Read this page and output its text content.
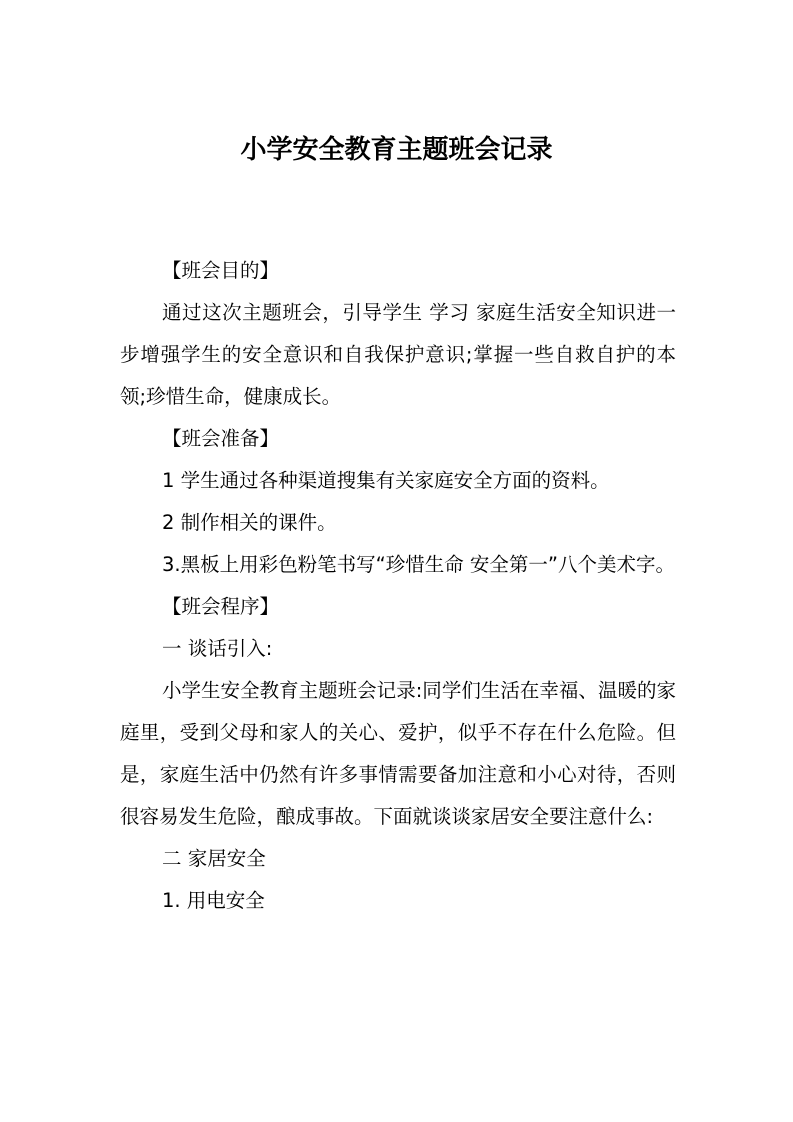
小学安全教育主题班会记录

【班会目的】

通过这次主题班会，引导学生 学习 家庭生活安全知识进一步增强学生的安全意识和自我保护意识;掌握一些自救自护的本领;珍惜生命，健康成长。

【班会准备】

1 学生通过各种渠道搜集有关家庭安全方面的资料。

2 制作相关的课件。

3.黑板上用彩色粉笔书写“珍惜生命 安全第一”八个美术字。

【班会程序】

一 谈话引入:

小学生安全教育主题班会记录:同学们生活在幸福、温暖的家庭里，受到父母和家人的关心、爱护，似乎不存在什么危险。但是，家庭生活中仍然有许多事情需要备加注意和小心对待，否则很容易发生危险，酿成事故。下面就谈谈家居安全要注意什么:

二 家居安全

1. 用电安全
